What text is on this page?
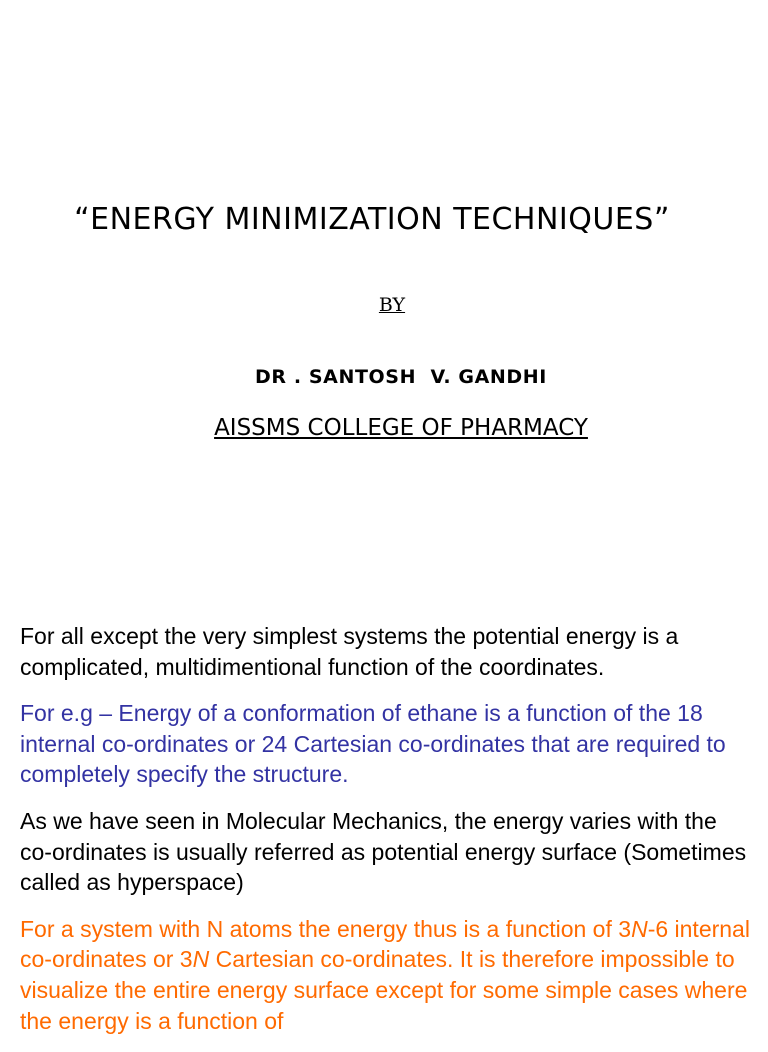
“ENERGY MINIMIZATION TECHNIQUES”
BY
DR . SANTOSH  V. GANDHI
AISSMS COLLEGE OF PHARMACY

For all except the very simplest systems the potential energy is a complicated, multidimentional function of the coordinates.

For e.g – Energy of a conformation of ethane is a function of the 18 internal co-ordinates or 24 Cartesian co-ordinates that are required to completely specify the structure.

As we have seen in Molecular Mechanics, the energy varies with the co-ordinates is usually referred as potential energy surface (Sometimes called as hyperspace)

For a system with N atoms the energy thus is a function of 3N-6 internal co-ordinates or 3N Cartesian co-ordinates. It is therefore impossible to visualize the entire energy surface except for some simple cases where the energy is a function of
